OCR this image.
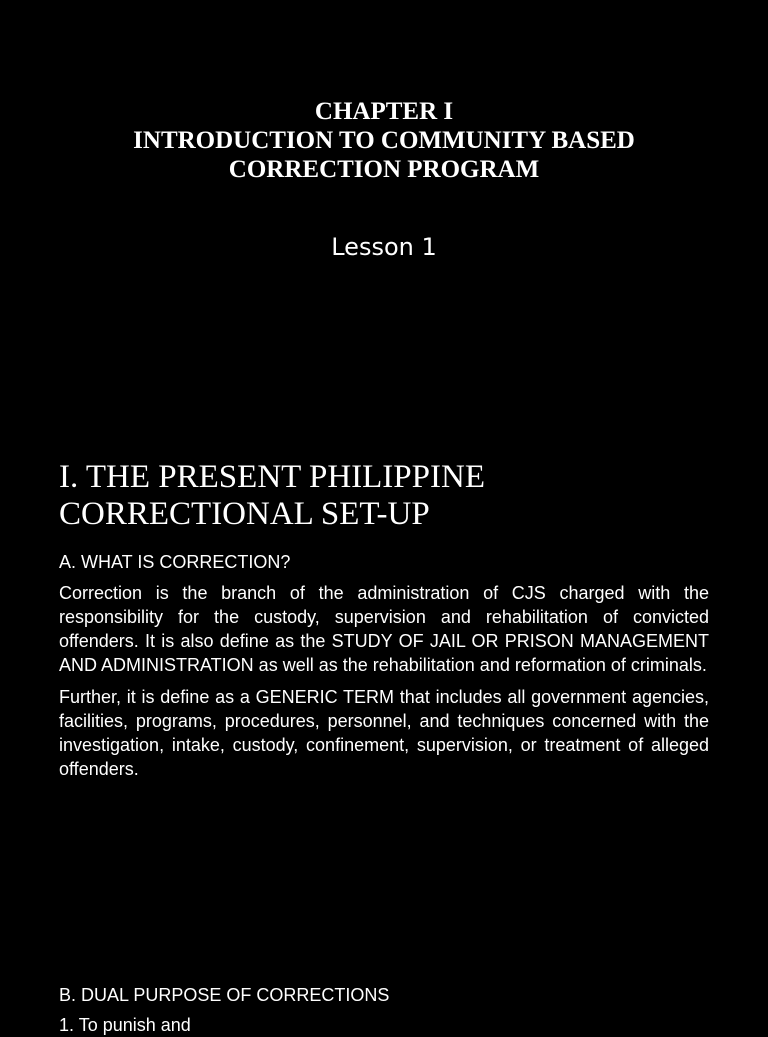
CHAPTER I
INTRODUCTION TO COMMUNITY BASED
CORRECTION PROGRAM
Lesson 1
I. THE PRESENT PHILIPPINE
CORRECTIONAL SET-UP
A. WHAT IS CORRECTION?
Correction is the branch of the administration of CJS charged with the responsibility for the custody, supervision and rehabilitation of convicted offenders. It is also define as the STUDY OF JAIL OR PRISON MANAGEMENT AND ADMINISTRATION as well as the rehabilitation and reformation of criminals.
Further, it is define as a GENERIC TERM that includes all government agencies, facilities, programs, procedures, personnel, and techniques concerned with the investigation, intake, custody, confinement, supervision, or treatment of alleged offenders.
B. DUAL PURPOSE OF CORRECTIONS
1. To punish and
